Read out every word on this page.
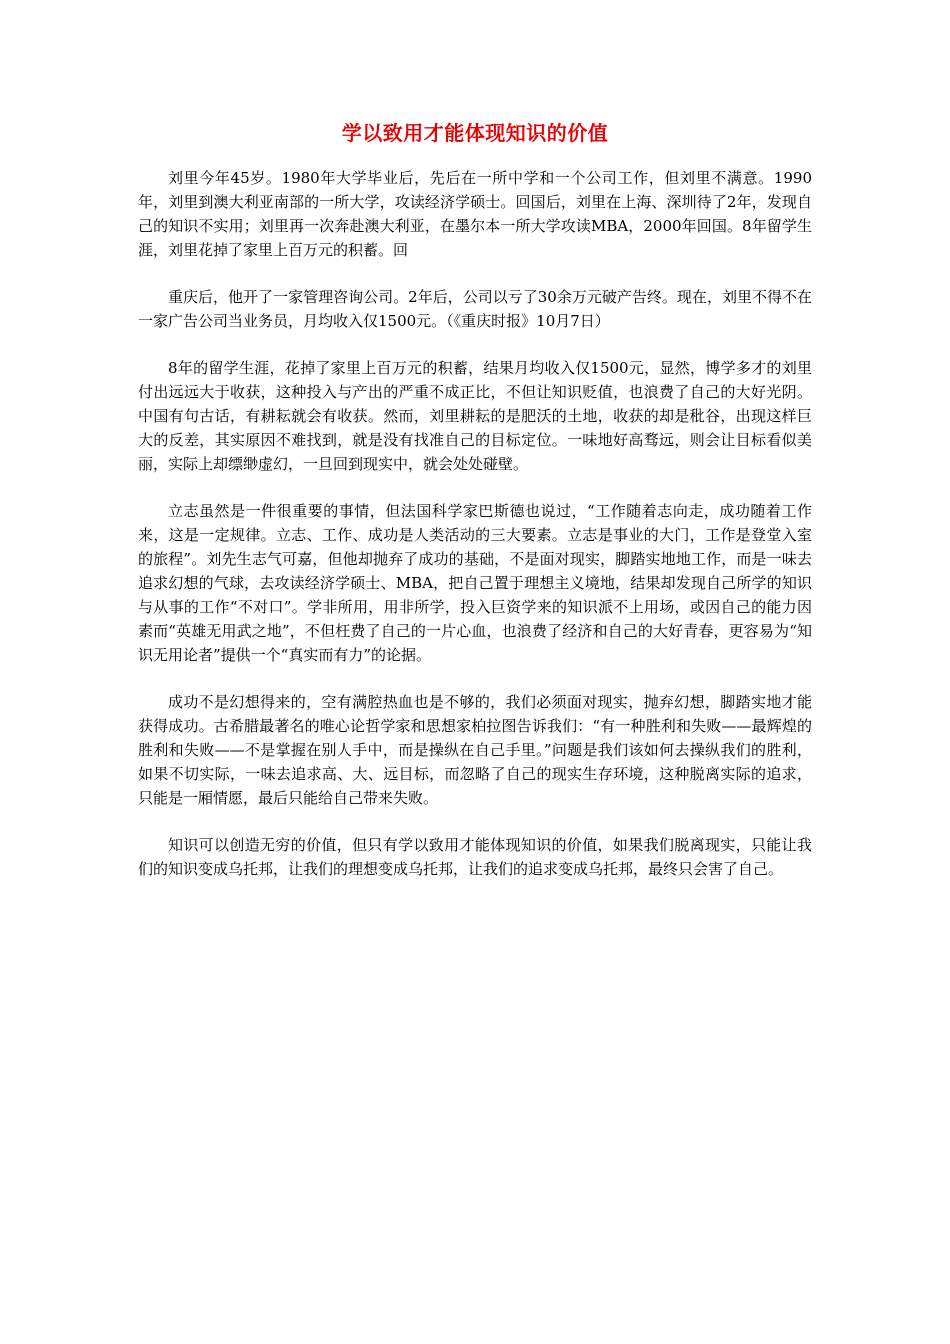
学以致用才能体现知识的价值

刘里今年45岁。1980年大学毕业后，先后在一所中学和一个公司工作，但刘里不满意。1990年，刘里到澳大利亚南部的一所大学，攻读经济学硕士。回国后，刘里在上海、深圳待了2年，发现自己的知识不实用；刘里再一次奔赴澳大利亚，在墨尔本一所大学攻读MBA，2000年回国。8年留学生涯，刘里花掉了家里上百万元的积蓄。回

重庆后，他开了一家管理咨询公司。2年后，公司以亏了30余万元破产告终。现在，刘里不得不在一家广告公司当业务员，月均收入仅1500元。（《重庆时报》10月7日）

8年的留学生涯，花掉了家里上百万元的积蓄，结果月均收入仅1500元，显然，博学多才的刘里付出远远大于收获，这种投入与产出的严重不成正比，不但让知识贬值，也浪费了自己的大好光阴。中国有句古话，有耕耘就会有收获。然而，刘里耕耘的是肥沃的土地，收获的却是秕谷，出现这样巨大的反差，其实原因不难找到，就是没有找准自己的目标定位。一味地好高骛远，则会让目标看似美丽，实际上却缥缈虚幻，一旦回到现实中，就会处处碰壁。

立志虽然是一件很重要的事情，但法国科学家巴斯德也说过，“工作随着志向走，成功随着工作来，这是一定规律。立志、工作、成功是人类活动的三大要素。立志是事业的大门，工作是登堂入室的旅程”。刘先生志气可嘉，但他却抛弃了成功的基础，不是面对现实，脚踏实地地工作，而是一味去追求幻想的气球，去攻读经济学硕士、MBA，把自己置于理想主义境地，结果却发现自己所学的知识与从事的工作“不对口”。学非所用，用非所学，投入巨资学来的知识派不上用场，或因自己的能力因素而“英雄无用武之地”，不但枉费了自己的一片心血，也浪费了经济和自己的大好青春，更容易为“知识无用论者”提供一个“真实而有力”的论据。

成功不是幻想得来的，空有满腔热血也是不够的，我们必须面对现实，抛弃幻想，脚踏实地才能获得成功。古希腊最著名的唯心论哲学家和思想家柏拉图告诉我们：“有一种胜利和失败——最辉煌的胜利和失败——不是掌握在别人手中，而是操纵在自己手里。”问题是我们该如何去操纵我们的胜利，如果不切实际，一味去追求高、大、远目标，而忽略了自己的现实生存环境，这种脱离实际的追求，只能是一厢情愿，最后只能给自己带来失败。

知识可以创造无穷的价值，但只有学以致用才能体现知识的价值，如果我们脱离现实，只能让我们的知识变成乌托邦，让我们的理想变成乌托邦，让我们的追求变成乌托邦，最终只会害了自己。
